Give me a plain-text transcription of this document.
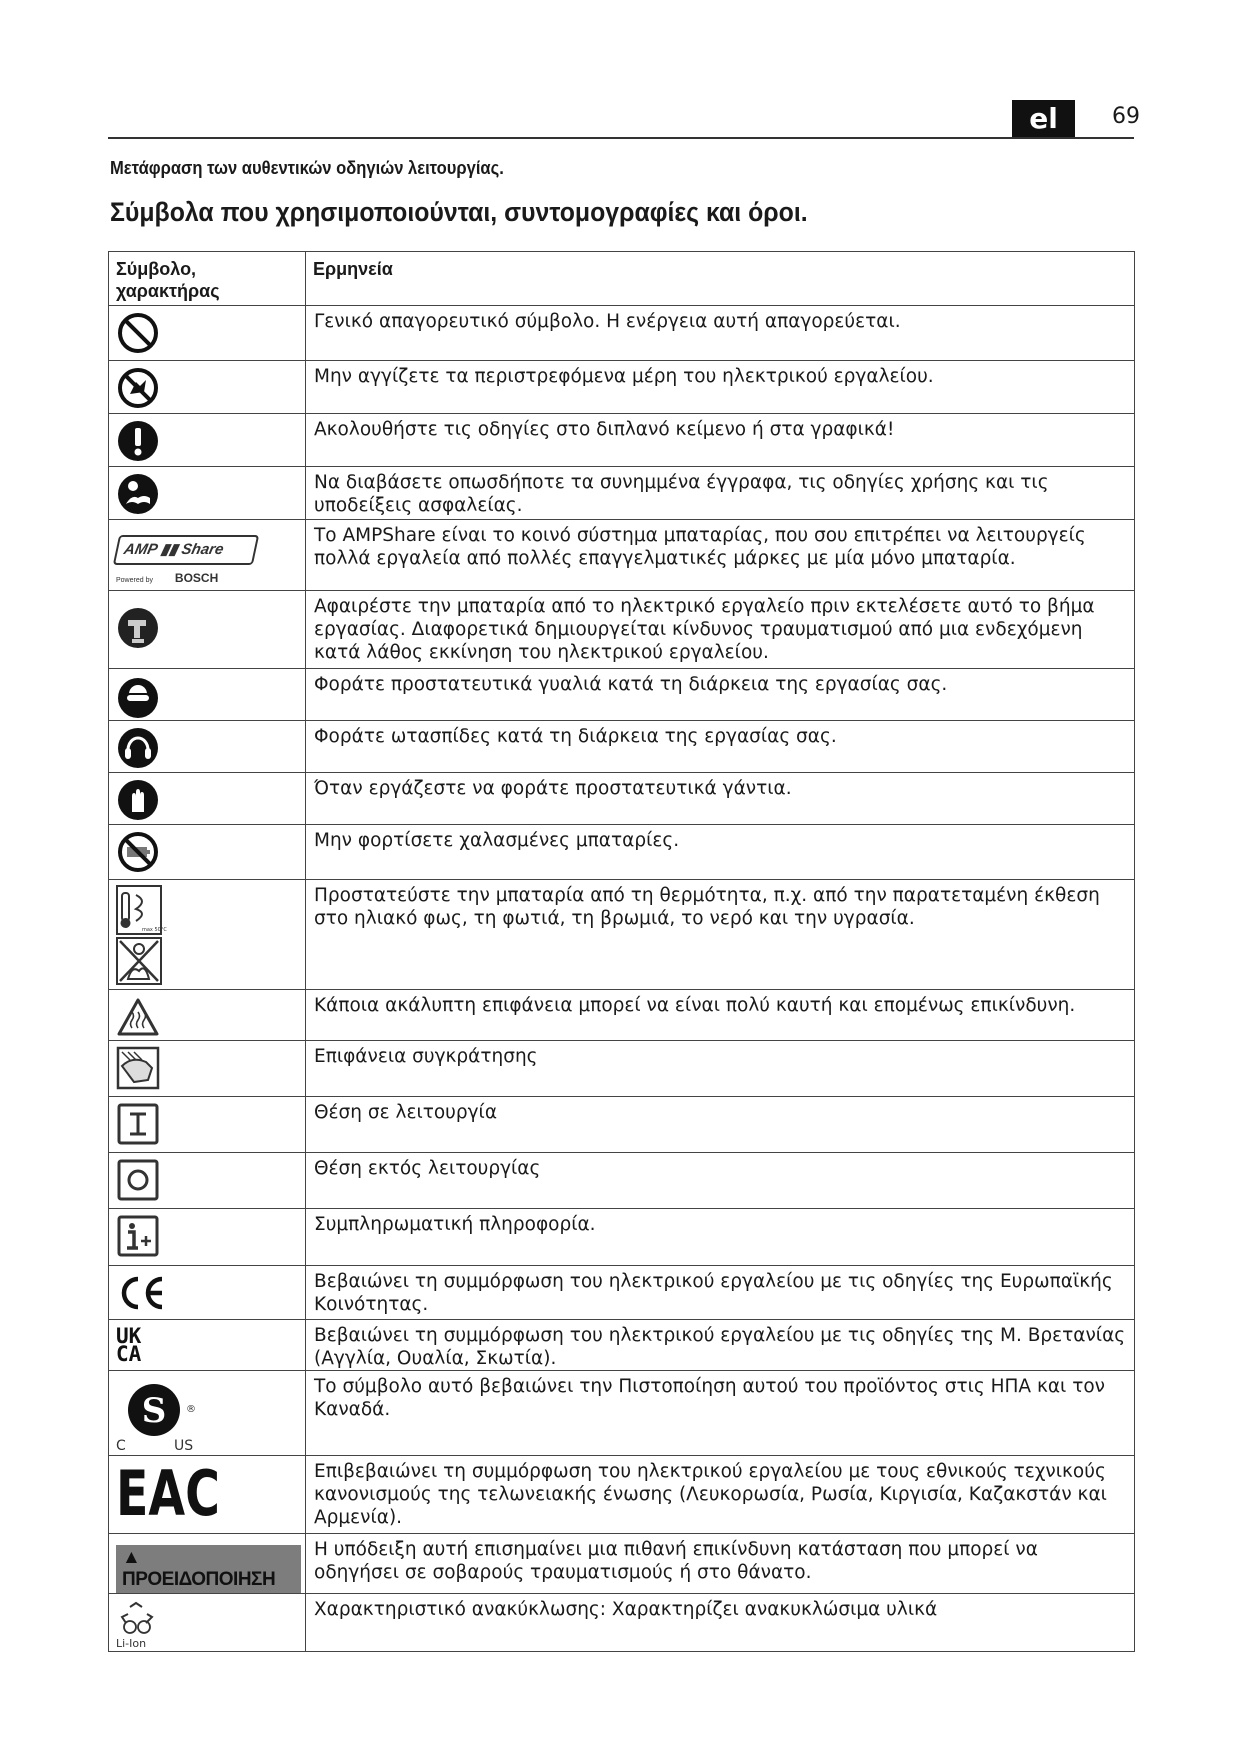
el	69
Μετάφραση των αυθεντικών οδηγιών λειτουργίας.
Σύμβολα που χρησιμοποιούνται, συντομογραφίες και όροι.
Σύμβολο, χαρακτήρας	Ερμηνεία

	Γενικό απαγορευτικό σύμβολο. Η ενέργεια αυτή απαγορεύεται.

	Μην αγγίζετε τα περιστρεφόμενα μέρη του ηλεκτρικού εργαλείου.

	Ακολουθήστε τις οδηγίες στο διπλανό κείμενο ή στα γραφικά!

	Να διαβάσετε οπωσδήποτε τα συνημμένα έγγραφα, τις οδηγίες χρήσης και τις υποδείξεις ασφαλείας.

AMP ▮▮ Share
Powered by BOSCH	Το AMPShare είναι το κοινό σύστημα μπαταρίας, που σου επιτρέπει να λειτουργείς πολλά εργαλεία από πολλές επαγγελματικές μάρκες με μία μόνο μπαταρία.

	Αφαιρέστε την μπαταρία από το ηλεκτρικό εργαλείο πριν εκτελέσετε αυτό το βήμα εργασίας. Διαφορετικά δημιουργείται κίνδυνος τραυματισμού από μια ενδεχόμενη κατά λάθος εκκίνηση του ηλεκτρικού εργαλείου.

	Φοράτε προστατευτικά γυαλιά κατά τη διάρκεια της εργασίας σας.

	Φοράτε ωτασπίδες κατά τη διάρκεια της εργασίας σας.

	Όταν εργάζεστε να φοράτε προστατευτικά γάντια.

	Μην φορτίσετε χαλασμένες μπαταρίες.

max 50°C	Προστατεύστε την μπαταρία από τη θερμότητα, π.χ. από την παρατεταμένη έκθεση στο ηλιακό φως, τη φωτιά, τη βρωμιά, το νερό και την υγρασία.

	Κάποια ακάλυπτη επιφάνεια μπορεί να είναι πολύ καυτή και επομένως επικίνδυνη.

	Επιφάνεια συγκράτησης

	Θέση σε λειτουργία

	Θέση εκτός λειτουργίας

	Συμπληρωματική πληροφορία.

	Βεβαιώνει τη συμμόρφωση του ηλεκτρικού εργαλείου με τις οδηγίες της Ευρωπαϊκής Κοινότητας.

UK
CA	Βεβαιώνει τη συμμόρφωση του ηλεκτρικού εργαλείου με τις οδηγίες της Μ. Βρετανίας (Αγγλία, Ουαλία, Σκωτία).

S ®
C US	Το σύμβολο αυτό βεβαιώνει την Πιστοποίηση αυτού του προϊόντος στις ΗΠΑ και τον Καναδά.

EAC	Επιβεβαιώνει τη συμμόρφωση του ηλεκτρικού εργαλείου με τους εθνικούς τεχνικούς κανονισμούς της τελωνειακής ένωσης (Λευκορωσία, Ρωσία, Κιργισία, Καζακστάν και Αρμενία).
▲ ΠΡΟΕΙΔΟΠΟΙΗΣΗ	Η υπόδειξη αυτή επισημαίνει μια πιθανή επικίνδυνη κατάσταση που μπορεί να οδηγήσει σε σοβαρούς τραυματισμούς ή στο θάνατο.

Li-Ion	Χαρακτηριστικό ανακύκλωσης: Χαρακτηρίζει ανακυκλώσιμα υλικά
